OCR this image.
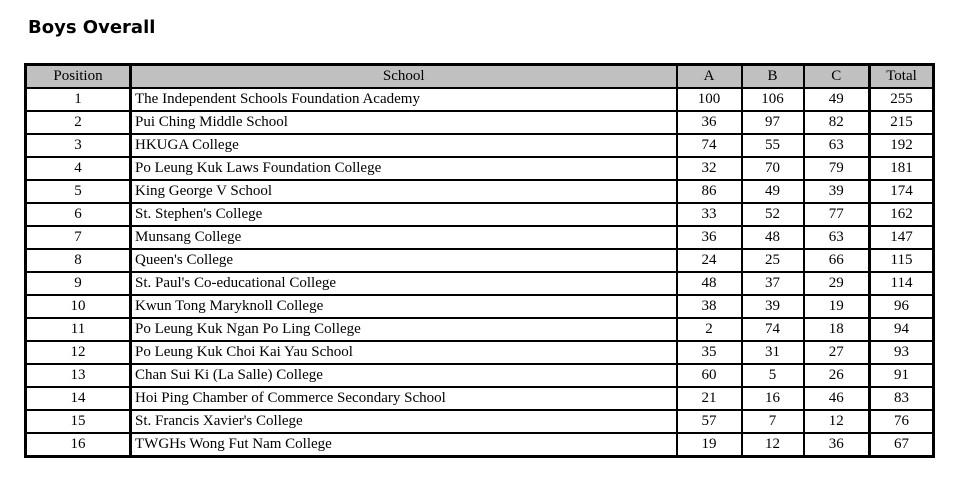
Boys Overall
Position	School	A	B	C	Total
1	The Independent Schools Foundation Academy	100	106	49	255
2	Pui Ching Middle School	36	97	82	215
3	HKUGA College	74	55	63	192
4	Po Leung Kuk Laws Foundation College	32	70	79	181
5	King George V School	86	49	39	174
6	St. Stephen's College	33	52	77	162
7	Munsang College	36	48	63	147
8	Queen's College	24	25	66	115
9	St. Paul's Co-educational College	48	37	29	114
10	Kwun Tong Maryknoll College	38	39	19	96
11	Po Leung Kuk Ngan Po Ling College	2	74	18	94
12	Po Leung Kuk Choi Kai Yau School	35	31	27	93
13	Chan Sui Ki (La Salle) College	60	5	26	91
14	Hoi Ping Chamber of Commerce Secondary School	21	16	46	83
15	St. Francis Xavier's College	57	7	12	76
16	TWGHs Wong Fut Nam College	19	12	36	67
